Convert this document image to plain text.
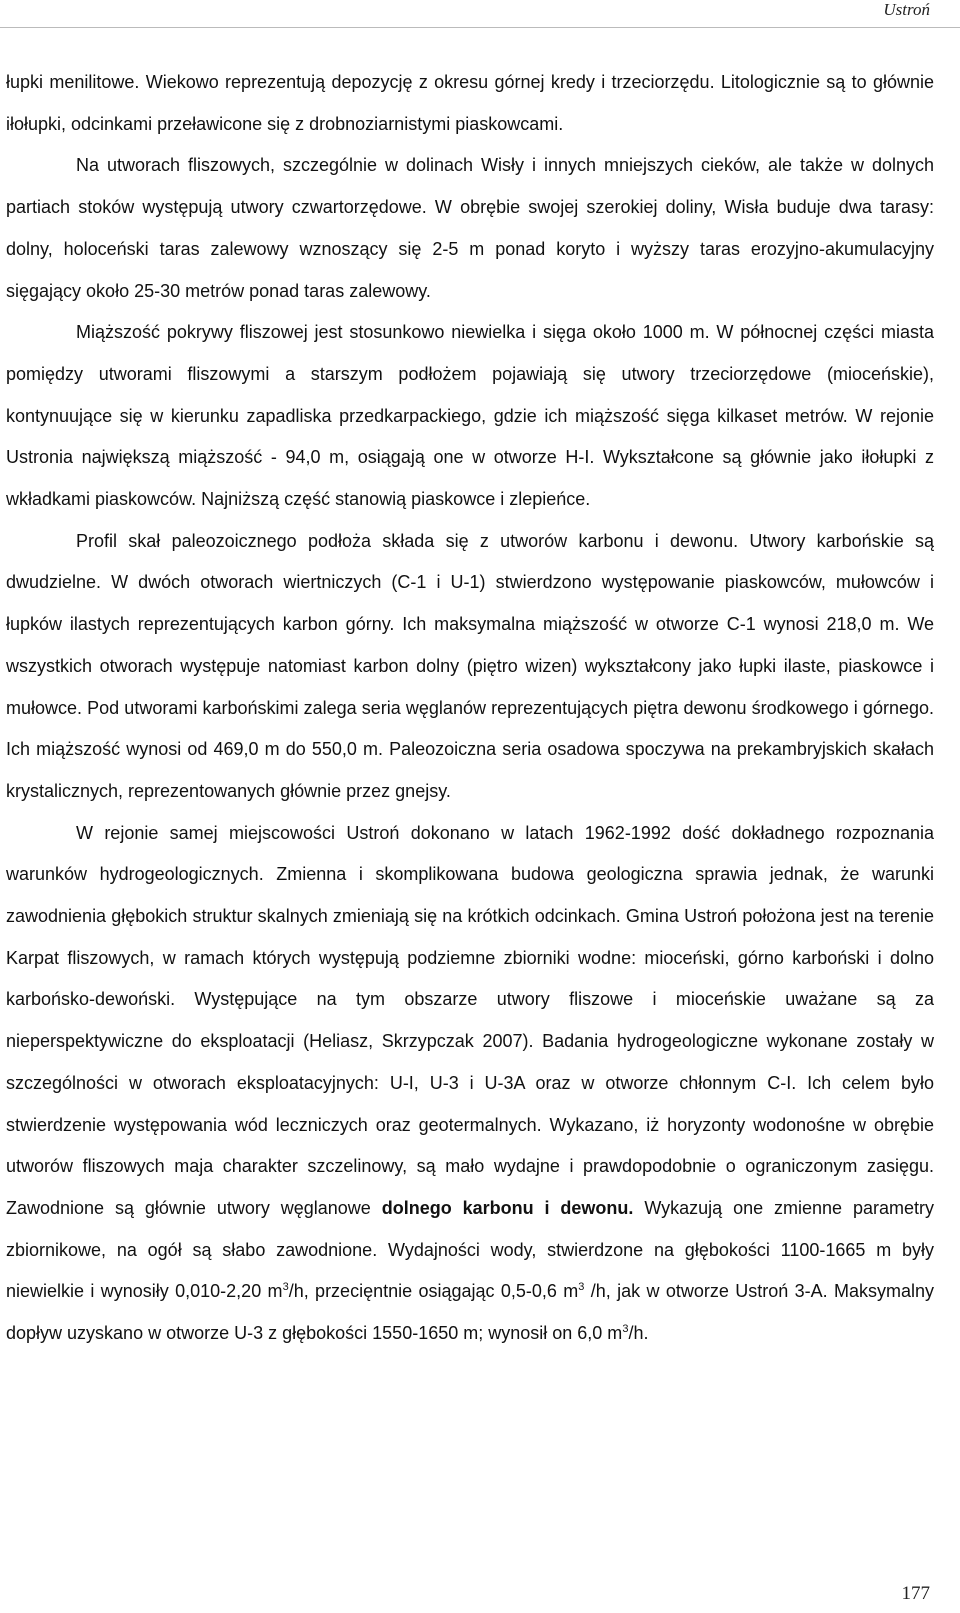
Ustroń

łupki menilitowe. Wiekowo reprezentują depozycję z okresu górnej kredy i trzeciorzędu. Litologicznie są to głównie iłołupki, odcinkami przeławicone się z drobnoziarnistymi piaskowcami.

Na utworach fliszowych, szczególnie w dolinach Wisły i innych mniejszych cieków, ale także w dolnych partiach stoków występują utwory czwartorzędowe. W obrębie swojej szerokiej doliny, Wisła buduje dwa tarasy: dolny, holoceński taras zalewowy wznoszący się 2-5 m ponad koryto i wyższy taras erozyjno-akumulacyjny sięgający około 25-30 metrów ponad taras zalewowy.

Miąższość pokrywy fliszowej jest stosunkowo niewielka i sięga około 1000 m. W północnej części miasta pomiędzy utworami fliszowymi a starszym podłożem pojawiają się utwory trzeciorzędowe (mioceńskie), kontynuujące się w kierunku zapadliska przedkarpackiego, gdzie ich miąższość sięga kilkaset metrów. W rejonie Ustronia największą miąższość - 94,0 m, osiągają one w otworze H-I. Wykształcone są głównie jako iłołupki z wkładkami piaskowców. Najniższą część stanowią piaskowce i zlepieńce.

Profil skał paleozoicznego podłoża składa się z utworów karbonu i dewonu. Utwory karbońskie są dwudzielne. W dwóch otworach wiertniczych (C-1 i U-1) stwierdzono występowanie piaskowców, mułowców i łupków ilastych reprezentujących karbon górny. Ich maksymalna miąższość w otworze C-1 wynosi 218,0 m. We wszystkich otworach występuje natomiast karbon dolny (piętro wizen) wykształcony jako łupki ilaste, piaskowce i mułowce. Pod utworami karbońskimi zalega seria węglanów reprezentujących piętra dewonu środkowego i górnego. Ich miąższość wynosi od 469,0 m do 550,0 m. Paleozoiczna seria osadowa spoczywa na prekambryjskich skałach krystalicznych, reprezentowanych głównie przez gnejsy.

W rejonie samej miejscowości Ustroń dokonano w latach 1962-1992 dość dokładnego rozpoznania warunków hydrogeologicznych. Zmienna i skomplikowana budowa geologiczna sprawia jednak, że warunki zawodnienia głębokich struktur skalnych zmieniają się na krótkich odcinkach. Gmina Ustroń położona jest na terenie Karpat fliszowych, w ramach których występują podziemne zbiorniki wodne: mioceński, górno karboński i dolno karbońsko-dewoński. Występujące na tym obszarze utwory fliszowe i mioceńskie uważane są za nieperspektywiczne do eksploatacji (Heliasz, Skrzypczak 2007). Badania hydrogeologiczne wykonane zostały w szczególności w otworach eksploatacyjnych: U-I, U-3 i U-3A oraz w otworze chłonnym C-I. Ich celem było stwierdzenie występowania wód leczniczych oraz geotermalnych. Wykazano, iż horyzonty wodonośne w obrębie utworów fliszowych maja charakter szczelinowy, są mało wydajne i prawdopodobnie o ograniczonym zasięgu. Zawodnione są głównie utwory węglanowe dolnego karbonu i dewonu. Wykazują one zmienne parametry zbiornikowe, na ogół są słabo zawodnione. Wydajności wody, stwierdzone na głębokości 1100-1665 m były niewielkie i wynosiły 0,010-2,20 $m^3/h$, przecięntnie osiągając 0,5-0,6 $m^3$ /h, jak w otworze Ustroń 3-A. Maksymalny dopływ uzyskano w otworze U-3 z głębokości 1550-1650 m; wynosił on 6,0 $m^3/h$.

177
